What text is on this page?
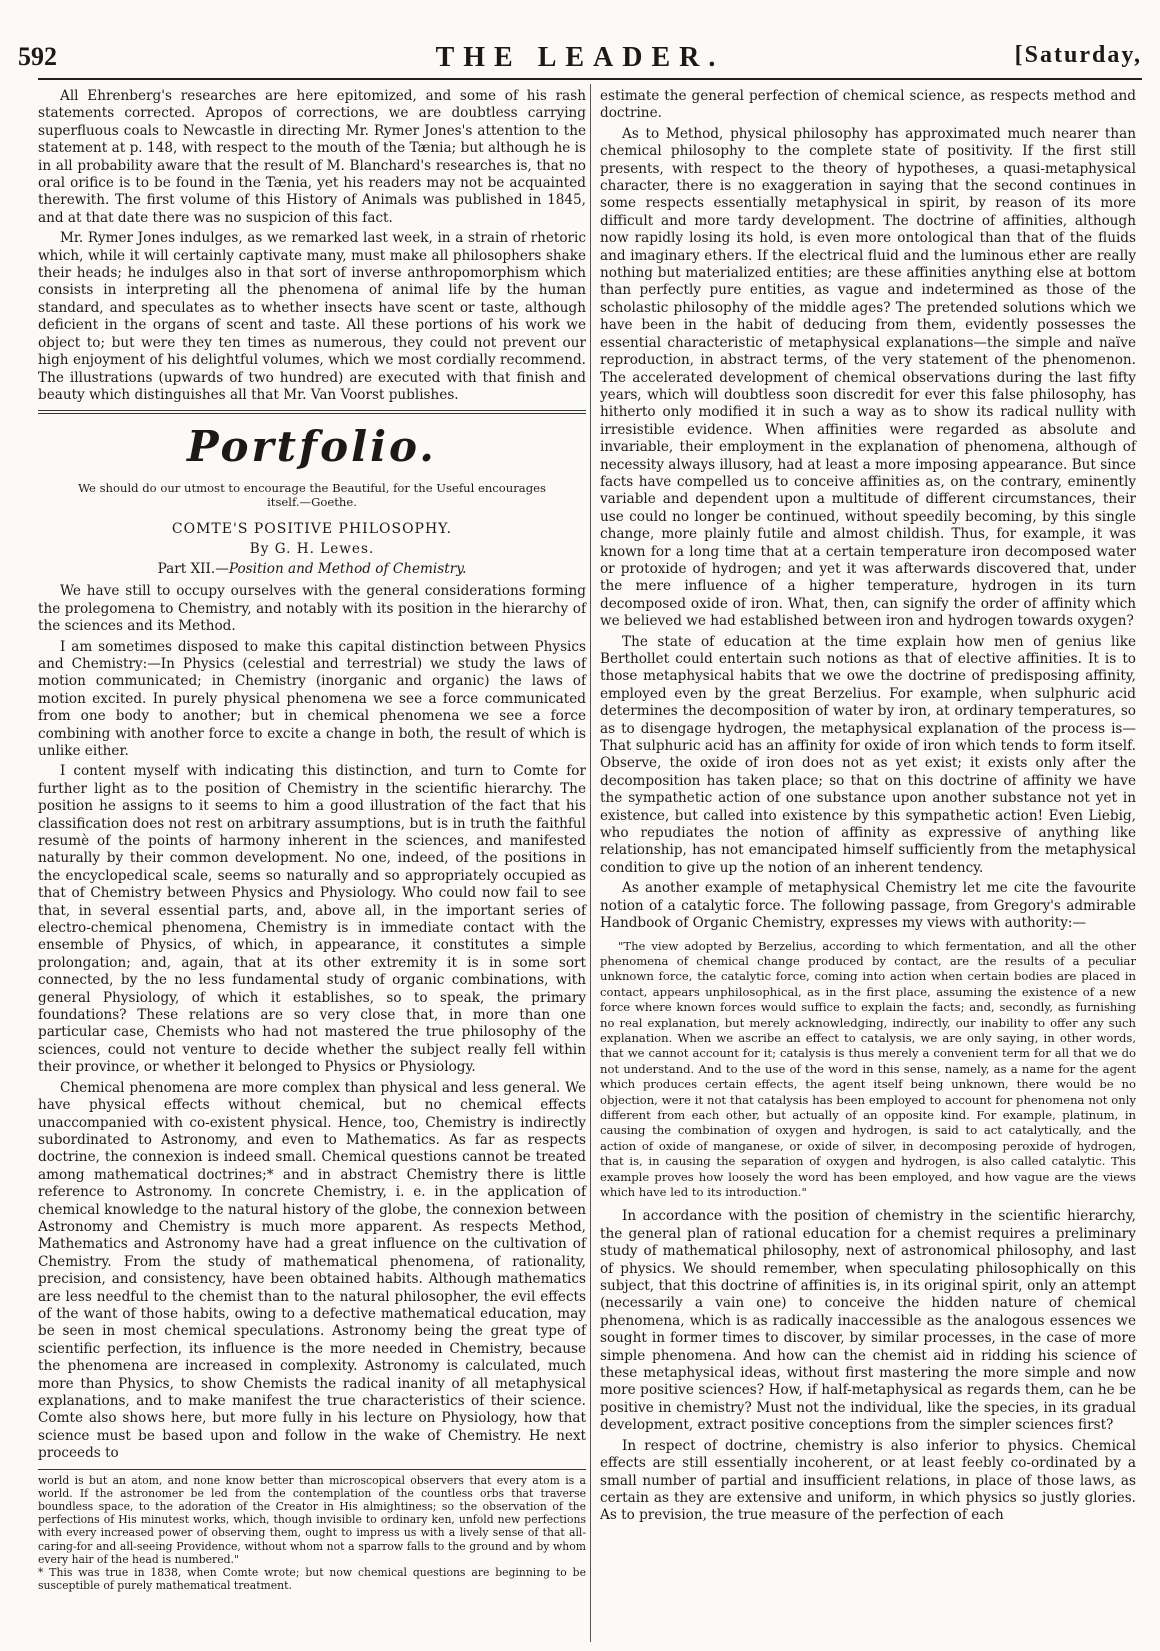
592	THE LEADER.	[Saturday,

All Ehrenberg's researches are here epitomized, and some of his rash statements corrected. Apropos of corrections, we are doubtless carrying superfluous coals to Newcastle in directing Mr. Rymer Jones's attention to the statement at p. 148, with respect to the mouth of the Tænia; but although he is in all probability aware that the result of M. Blanchard's researches is, that no oral orifice is to be found in the Tænia, yet his readers may not be acquainted therewith. The first volume of this History of Animals was published in 1845, and at that date there was no suspicion of this fact.

Mr. Rymer Jones indulges, as we remarked last week, in a strain of rhetoric which, while it will certainly captivate many, must make all philosophers shake their heads; he indulges also in that sort of inverse anthropomorphism which consists in interpreting all the phenomena of animal life by the human standard, and speculates as to whether insects have scent or taste, although deficient in the organs of scent and taste. All these portions of his work we object to; but were they ten times as numerous, they could not prevent our high enjoyment of his delightful volumes, which we most cordially recommend. The illustrations (upwards of two hundred) are executed with that finish and beauty which distinguishes all that Mr. Van Voorst publishes.

Portfolio.
We should do our utmost to encourage the Beautiful, for the Useful encourages itself.—Goethe.
COMTE'S POSITIVE PHILOSOPHY.
By G. H. Lewes.
Part XII.—Position and Method of Chemistry.

We have still to occupy ourselves with the general considerations forming the prolegomena to Chemistry, and notably with its position in the hierarchy of the sciences and its Method.

I am sometimes disposed to make this capital distinction between Physics and Chemistry:—In Physics (celestial and terrestrial) we study the laws of motion communicated; in Chemistry (inorganic and organic) the laws of motion excited. In purely physical phenomena we see a force communicated from one body to another; but in chemical phenomena we see a force combining with another force to excite a change in both, the result of which is unlike either.

I content myself with indicating this distinction, and turn to Comte for further light as to the position of Chemistry in the scientific hierarchy. The position he assigns to it seems to him a good illustration of the fact that his classification does not rest on arbitrary assumptions, but is in truth the faithful resumè of the points of harmony inherent in the sciences, and manifested naturally by their common development. No one, indeed, of the positions in the encyclopedical scale, seems so naturally and so appropriately occupied as that of Chemistry between Physics and Physiology. Who could now fail to see that, in several essential parts, and, above all, in the important series of electro-chemical phenomena, Chemistry is in immediate contact with the ensemble of Physics, of which, in appearance, it constitutes a simple prolongation; and, again, that at its other extremity it is in some sort connected, by the no less fundamental study of organic combinations, with general Physiology, of which it establishes, so to speak, the primary foundations? These relations are so very close that, in more than one particular case, Chemists who had not mastered the true philosophy of the sciences, could not venture to decide whether the subject really fell within their province, or whether it belonged to Physics or Physiology.

Chemical phenomena are more complex than physical and less general. We have physical effects without chemical, but no chemical effects unaccompanied with co-existent physical. Hence, too, Chemistry is indirectly subordinated to Astronomy, and even to Mathematics. As far as respects doctrine, the connexion is indeed small. Chemical questions cannot be treated among mathematical doctrines;* and in abstract Chemistry there is little reference to Astronomy. In concrete Chemistry, i. e. in the application of chemical knowledge to the natural history of the globe, the connexion between Astronomy and Chemistry is much more apparent. As respects Method, Mathematics and Astronomy have had a great influence on the cultivation of Chemistry. From the study of mathematical phenomena, of rationality, precision, and consistency, have been obtained habits. Although mathematics are less needful to the chemist than to the natural philosopher, the evil effects of the want of those habits, owing to a defective mathematical education, may be seen in most chemical speculations. Astronomy being the great type of scientific perfection, its influence is the more needed in Chemistry, because the phenomena are increased in complexity. Astronomy is calculated, much more than Physics, to show Chemists the radical inanity of all metaphysical explanations, and to make manifest the true characteristics of their science. Comte also shows here, but more fully in his lecture on Physiology, how that science must be based upon and follow in the wake of Chemistry. He next proceeds to

world is but an atom, and none know better than microscopical observers that every atom is a world. If the astronomer be led from the contemplation of the countless orbs that traverse boundless space, to the adoration of the Creator in His almightiness; so the observation of the perfections of His minutest works, which, though invisible to ordinary ken, unfold new perfections with every increased power of observing them, ought to impress us with a lively sense of that all-caring-for and all-seeing Providence, without whom not a sparrow falls to the ground and by whom every hair of the head is numbered."

* This was true in 1838, when Comte wrote; but now chemical questions are beginning to be susceptible of purely mathematical treatment.

estimate the general perfection of chemical science, as respects method and doctrine.

As to Method, physical philosophy has approximated much nearer than chemical philosophy to the complete state of positivity. If the first still presents, with respect to the theory of hypotheses, a quasi-metaphysical character, there is no exaggeration in saying that the second continues in some respects essentially metaphysical in spirit, by reason of its more difficult and more tardy development. The doctrine of affinities, although now rapidly losing its hold, is even more ontological than that of the fluids and imaginary ethers. If the electrical fluid and the luminous ether are really nothing but materialized entities; are these affinities anything else at bottom than perfectly pure entities, as vague and indetermined as those of the scholastic philosophy of the middle ages? The pretended solutions which we have been in the habit of deducing from them, evidently possesses the essential characteristic of metaphysical explanations—the simple and naïve reproduction, in abstract terms, of the very statement of the phenomenon. The accelerated development of chemical observations during the last fifty years, which will doubtless soon discredit for ever this false philosophy, has hitherto only modified it in such a way as to show its radical nullity with irresistible evidence. When affinities were regarded as absolute and invariable, their employment in the explanation of phenomena, although of necessity always illusory, had at least a more imposing appearance. But since facts have compelled us to conceive affinities as, on the contrary, eminently variable and dependent upon a multitude of different circumstances, their use could no longer be continued, without speedily becoming, by this single change, more plainly futile and almost childish. Thus, for example, it was known for a long time that at a certain temperature iron decomposed water or protoxide of hydrogen; and yet it was afterwards discovered that, under the mere influence of a higher temperature, hydrogen in its turn decomposed oxide of iron. What, then, can signify the order of affinity which we believed we had established between iron and hydrogen towards oxygen?

The state of education at the time explain how men of genius like Berthollet could entertain such notions as that of elective affinities. It is to those metaphysical habits that we owe the doctrine of predisposing affinity, employed even by the great Berzelius. For example, when sulphuric acid determines the decomposition of water by iron, at ordinary temperatures, so as to disengage hydrogen, the metaphysical explanation of the process is—That sulphuric acid has an affinity for oxide of iron which tends to form itself. Observe, the oxide of iron does not as yet exist; it exists only after the decomposition has taken place; so that on this doctrine of affinity we have the sympathetic action of one substance upon another substance not yet in existence, but called into existence by this sympathetic action! Even Liebig, who repudiates the notion of affinity as expressive of anything like relationship, has not emancipated himself sufficiently from the metaphysical condition to give up the notion of an inherent tendency.

As another example of metaphysical Chemistry let me cite the favourite notion of a catalytic force. The following passage, from Gregory's admirable Handbook of Organic Chemistry, expresses my views with authority:—

"The view adopted by Berzelius, according to which fermentation, and all the other phenomena of chemical change produced by contact, are the results of a peculiar unknown force, the catalytic force, coming into action when certain bodies are placed in contact, appears unphilosophical, as in the first place, assuming the existence of a new force where known forces would suffice to explain the facts; and, secondly, as furnishing no real explanation, but merely acknowledging, indirectly, our inability to offer any such explanation. When we ascribe an effect to catalysis, we are only saying, in other words, that we cannot account for it; catalysis is thus merely a convenient term for all that we do not understand. And to the use of the word in this sense, namely, as a name for the agent which produces certain effects, the agent itself being unknown, there would be no objection, were it not that catalysis has been employed to account for phenomena not only different from each other, but actually of an opposite kind. For example, platinum, in causing the combination of oxygen and hydrogen, is said to act catalytically, and the action of oxide of manganese, or oxide of silver, in decomposing peroxide of hydrogen, that is, in causing the separation of oxygen and hydrogen, is also called catalytic. This example proves how loosely the word has been employed, and how vague are the views which have led to its introduction."

In accordance with the position of chemistry in the scientific hierarchy, the general plan of rational education for a chemist requires a preliminary study of mathematical philosophy, next of astronomical philosophy, and last of physics. We should remember, when speculating philosophically on this subject, that this doctrine of affinities is, in its original spirit, only an attempt (necessarily a vain one) to conceive the hidden nature of chemical phenomena, which is as radically inaccessible as the analogous essences we sought in former times to discover, by similar processes, in the case of more simple phenomena. And how can the chemist aid in ridding his science of these metaphysical ideas, without first mastering the more simple and now more positive sciences? How, if half-metaphysical as regards them, can he be positive in chemistry? Must not the individual, like the species, in its gradual development, extract positive conceptions from the simpler sciences first?

In respect of doctrine, chemistry is also inferior to physics. Chemical effects are still essentially incoherent, or at least feebly co-ordinated by a small number of partial and insufficient relations, in place of those laws, as certain as they are extensive and uniform, in which physics so justly glories. As to prevision, the true measure of the perfection of each
